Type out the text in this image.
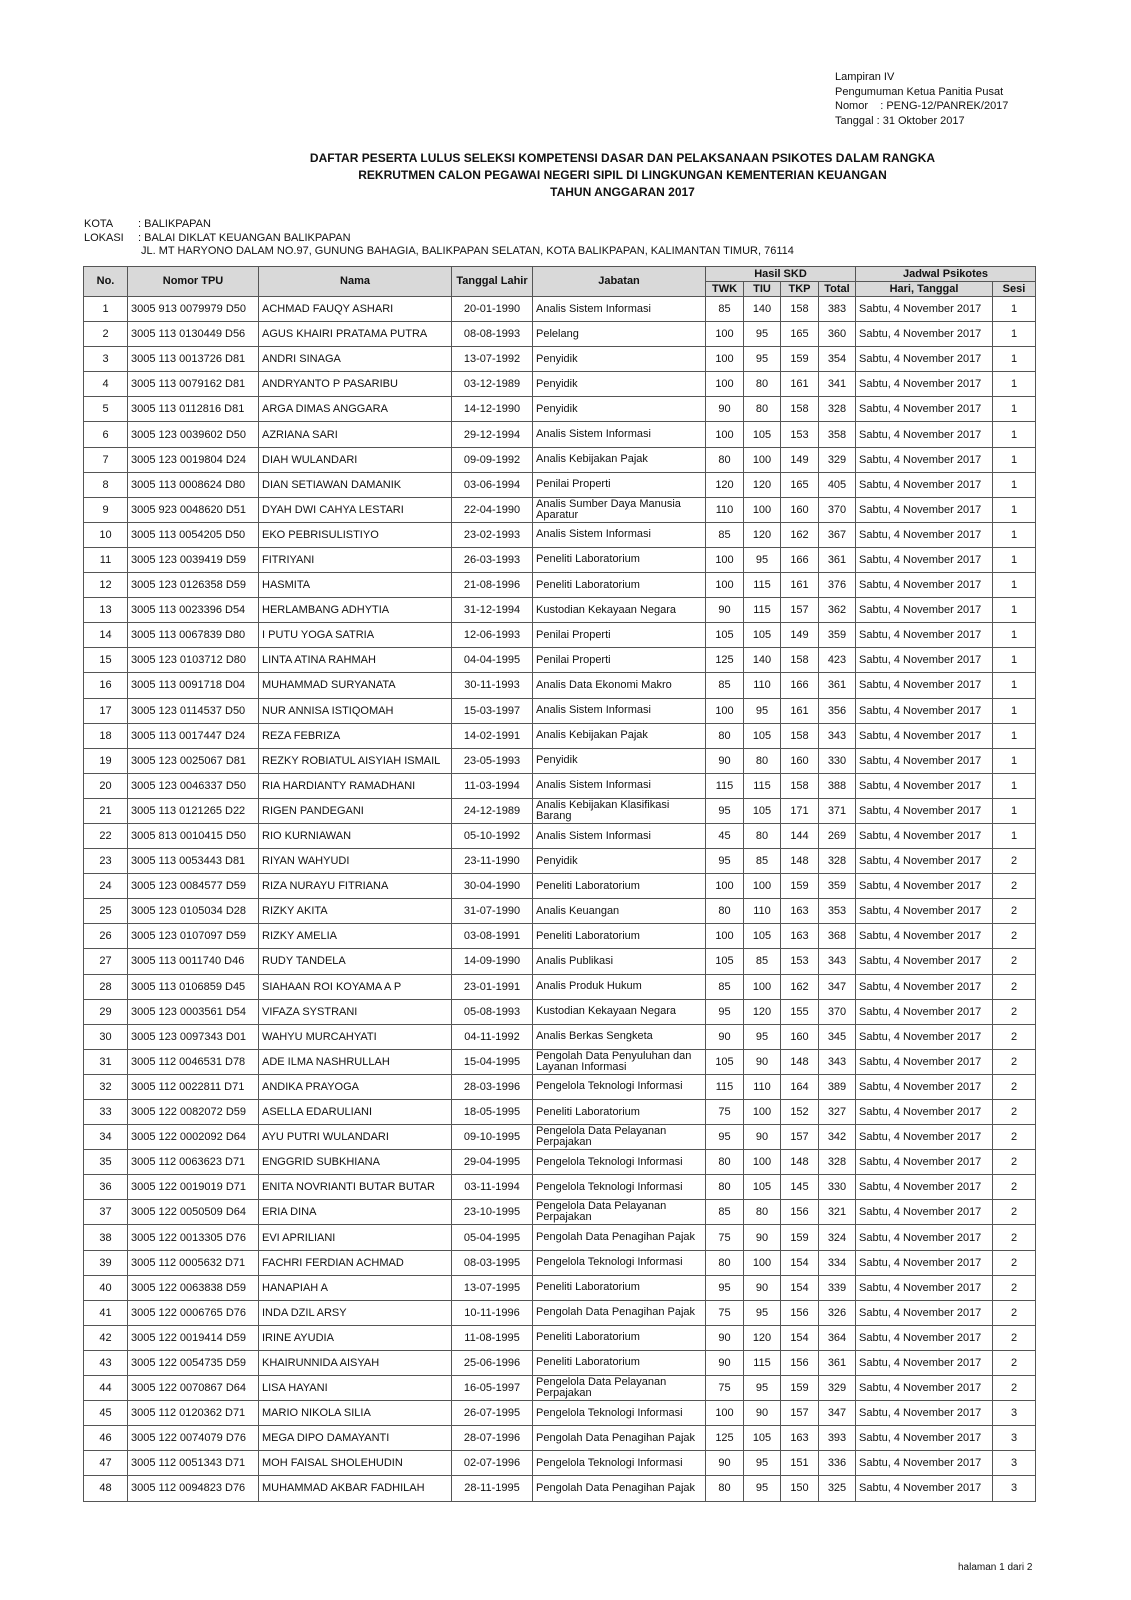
Lampiran IV
Pengumuman Ketua Panitia Pusat
Nomor    : PENG-12/PANREK/2017
Tanggal : 31 Oktober 2017
DAFTAR PESERTA LULUS SELEKSI KOMPETENSI DASAR DAN PELAKSANAAN PSIKOTES DALAM RANGKA
REKRUTMEN CALON PEGAWAI NEGERI SIPIL DI LINGKUNGAN KEMENTERIAN KEUANGAN
TAHUN ANGGARAN 2017
KOTA : BALIKPAPAN
LOKASI : BALAI DIKLAT KEUANGAN BALIKPAPAN
JL. MT HARYONO DALAM NO.97, GUNUNG BAHAGIA, BALIKPAPAN SELATAN, KOTA BALIKPAPAN, KALIMANTAN TIMUR, 76114
No.	Nomor TPU	Nama	Tanggal Lahir	Jabatan	Hasil SKD				Jadwal Psikotes	
					TWK	TIU	TKP	Total	Hari, Tanggal	Sesi
1	3005 913 0079979 D50	ACHMAD FAUQY ASHARI	20-01-1990	Analis Sistem Informasi	85	140	158	383	Sabtu, 4 November 2017	1
2	3005 113 0130449 D56	AGUS KHAIRI PRATAMA PUTRA	08-08-1993	Pelelang	100	95	165	360	Sabtu, 4 November 2017	1
3	3005 113 0013726 D81	ANDRI SINAGA	13-07-1992	Penyidik	100	95	159	354	Sabtu, 4 November 2017	1
4	3005 113 0079162 D81	ANDRYANTO P PASARIBU	03-12-1989	Penyidik	100	80	161	341	Sabtu, 4 November 2017	1
5	3005 113 0112816 D81	ARGA DIMAS ANGGARA	14-12-1990	Penyidik	90	80	158	328	Sabtu, 4 November 2017	1
6	3005 123 0039602 D50	AZRIANA SARI	29-12-1994	Analis Sistem Informasi	100	105	153	358	Sabtu, 4 November 2017	1
7	3005 123 0019804 D24	DIAH WULANDARI	09-09-1992	Analis Kebijakan Pajak	80	100	149	329	Sabtu, 4 November 2017	1
8	3005 113 0008624 D80	DIAN SETIAWAN DAMANIK	03-06-1994	Penilai Properti	120	120	165	405	Sabtu, 4 November 2017	1
9	3005 923 0048620 D51	DYAH DWI CAHYA LESTARI	22-04-1990	Analis Sumber Daya Manusia Aparatur	110	100	160	370	Sabtu, 4 November 2017	1
10	3005 113 0054205 D50	EKO PEBRISULISTIYO	23-02-1993	Analis Sistem Informasi	85	120	162	367	Sabtu, 4 November 2017	1
11	3005 123 0039419 D59	FITRIYANI	26-03-1993	Peneliti Laboratorium	100	95	166	361	Sabtu, 4 November 2017	1
12	3005 123 0126358 D59	HASMITA	21-08-1996	Peneliti Laboratorium	100	115	161	376	Sabtu, 4 November 2017	1
13	3005 113 0023396 D54	HERLAMBANG ADHYTIA	31-12-1994	Kustodian Kekayaan Negara	90	115	157	362	Sabtu, 4 November 2017	1
14	3005 113 0067839 D80	I PUTU YOGA SATRIA	12-06-1993	Penilai Properti	105	105	149	359	Sabtu, 4 November 2017	1
15	3005 123 0103712 D80	LINTA ATINA RAHMAH	04-04-1995	Penilai Properti	125	140	158	423	Sabtu, 4 November 2017	1
16	3005 113 0091718 D04	MUHAMMAD SURYANATA	30-11-1993	Analis Data Ekonomi Makro	85	110	166	361	Sabtu, 4 November 2017	1
17	3005 123 0114537 D50	NUR ANNISA ISTIQOMAH	15-03-1997	Analis Sistem Informasi	100	95	161	356	Sabtu, 4 November 2017	1
18	3005 113 0017447 D24	REZA FEBRIZA	14-02-1991	Analis Kebijakan Pajak	80	105	158	343	Sabtu, 4 November 2017	1
19	3005 123 0025067 D81	REZKY ROBIATUL AISYIAH ISMAIL	23-05-1993	Penyidik	90	80	160	330	Sabtu, 4 November 2017	1
20	3005 123 0046337 D50	RIA HARDIANTY RAMADHANI	11-03-1994	Analis Sistem Informasi	115	115	158	388	Sabtu, 4 November 2017	1
21	3005 113 0121265 D22	RIGEN PANDEGANI	24-12-1989	Analis Kebijakan Klasifikasi Barang	95	105	171	371	Sabtu, 4 November 2017	1
22	3005 813 0010415 D50	RIO KURNIAWAN	05-10-1992	Analis Sistem Informasi	45	80	144	269	Sabtu, 4 November 2017	1
23	3005 113 0053443 D81	RIYAN WAHYUDI	23-11-1990	Penyidik	95	85	148	328	Sabtu, 4 November 2017	2
24	3005 123 0084577 D59	RIZA NURAYU FITRIANA	30-04-1990	Peneliti Laboratorium	100	100	159	359	Sabtu, 4 November 2017	2
25	3005 123 0105034 D28	RIZKY AKITA	31-07-1990	Analis Keuangan	80	110	163	353	Sabtu, 4 November 2017	2
26	3005 123 0107097 D59	RIZKY AMELIA	03-08-1991	Peneliti Laboratorium	100	105	163	368	Sabtu, 4 November 2017	2
27	3005 113 0011740 D46	RUDY TANDELA	14-09-1990	Analis Publikasi	105	85	153	343	Sabtu, 4 November 2017	2
28	3005 113 0106859 D45	SIAHAAN ROI KOYAMA A P	23-01-1991	Analis Produk Hukum	85	100	162	347	Sabtu, 4 November 2017	2
29	3005 123 0003561 D54	VIFAZA SYSTRANI	05-08-1993	Kustodian Kekayaan Negara	95	120	155	370	Sabtu, 4 November 2017	2
30	3005 123 0097343 D01	WAHYU MURCAHYATI	04-11-1992	Analis Berkas Sengketa	90	95	160	345	Sabtu, 4 November 2017	2
31	3005 112 0046531 D78	ADE ILMA NASHRULLAH	15-04-1995	Pengolah Data Penyuluhan dan Layanan Informasi	105	90	148	343	Sabtu, 4 November 2017	2
32	3005 112 0022811 D71	ANDIKA PRAYOGA	28-03-1996	Pengelola Teknologi Informasi	115	110	164	389	Sabtu, 4 November 2017	2
33	3005 122 0082072 D59	ASELLA EDARULIANI	18-05-1995	Peneliti Laboratorium	75	100	152	327	Sabtu, 4 November 2017	2
34	3005 122 0002092 D64	AYU PUTRI WULANDARI	09-10-1995	Pengelola Data Pelayanan Perpajakan	95	90	157	342	Sabtu, 4 November 2017	2
35	3005 112 0063623 D71	ENGGRID SUBKHIANA	29-04-1995	Pengelola Teknologi Informasi	80	100	148	328	Sabtu, 4 November 2017	2
36	3005 122 0019019 D71	ENITA NOVRIANTI BUTAR BUTAR	03-11-1994	Pengelola Teknologi Informasi	80	105	145	330	Sabtu, 4 November 2017	2
37	3005 122 0050509 D64	ERIA DINA	23-10-1995	Pengelola Data Pelayanan Perpajakan	85	80	156	321	Sabtu, 4 November 2017	2
38	3005 122 0013305 D76	EVI APRILIANI	05-04-1995	Pengolah Data Penagihan Pajak	75	90	159	324	Sabtu, 4 November 2017	2
39	3005 112 0005632 D71	FACHRI FERDIAN ACHMAD	08-03-1995	Pengelola Teknologi Informasi	80	100	154	334	Sabtu, 4 November 2017	2
40	3005 122 0063838 D59	HANAPIAH A	13-07-1995	Peneliti Laboratorium	95	90	154	339	Sabtu, 4 November 2017	2
41	3005 122 0006765 D76	INDA DZIL ARSY	10-11-1996	Pengolah Data Penagihan Pajak	75	95	156	326	Sabtu, 4 November 2017	2
42	3005 122 0019414 D59	IRINE AYUDIA	11-08-1995	Peneliti Laboratorium	90	120	154	364	Sabtu, 4 November 2017	2
43	3005 122 0054735 D59	KHAIRUNNIDA AISYAH	25-06-1996	Peneliti Laboratorium	90	115	156	361	Sabtu, 4 November 2017	2
44	3005 122 0070867 D64	LISA HAYANI	16-05-1997	Pengelola Data Pelayanan Perpajakan	75	95	159	329	Sabtu, 4 November 2017	2
45	3005 112 0120362 D71	MARIO NIKOLA SILIA	26-07-1995	Pengelola Teknologi Informasi	100	90	157	347	Sabtu, 4 November 2017	3
46	3005 122 0074079 D76	MEGA DIPO DAMAYANTI	28-07-1996	Pengolah Data Penagihan Pajak	125	105	163	393	Sabtu, 4 November 2017	3
47	3005 112 0051343 D71	MOH FAISAL SHOLEHUDIN	02-07-1996	Pengelola Teknologi Informasi	90	95	151	336	Sabtu, 4 November 2017	3
48	3005 112 0094823 D76	MUHAMMAD AKBAR FADHILAH	28-11-1995	Pengolah Data Penagihan Pajak	80	95	150	325	Sabtu, 4 November 2017	3
halaman 1 dari 2
